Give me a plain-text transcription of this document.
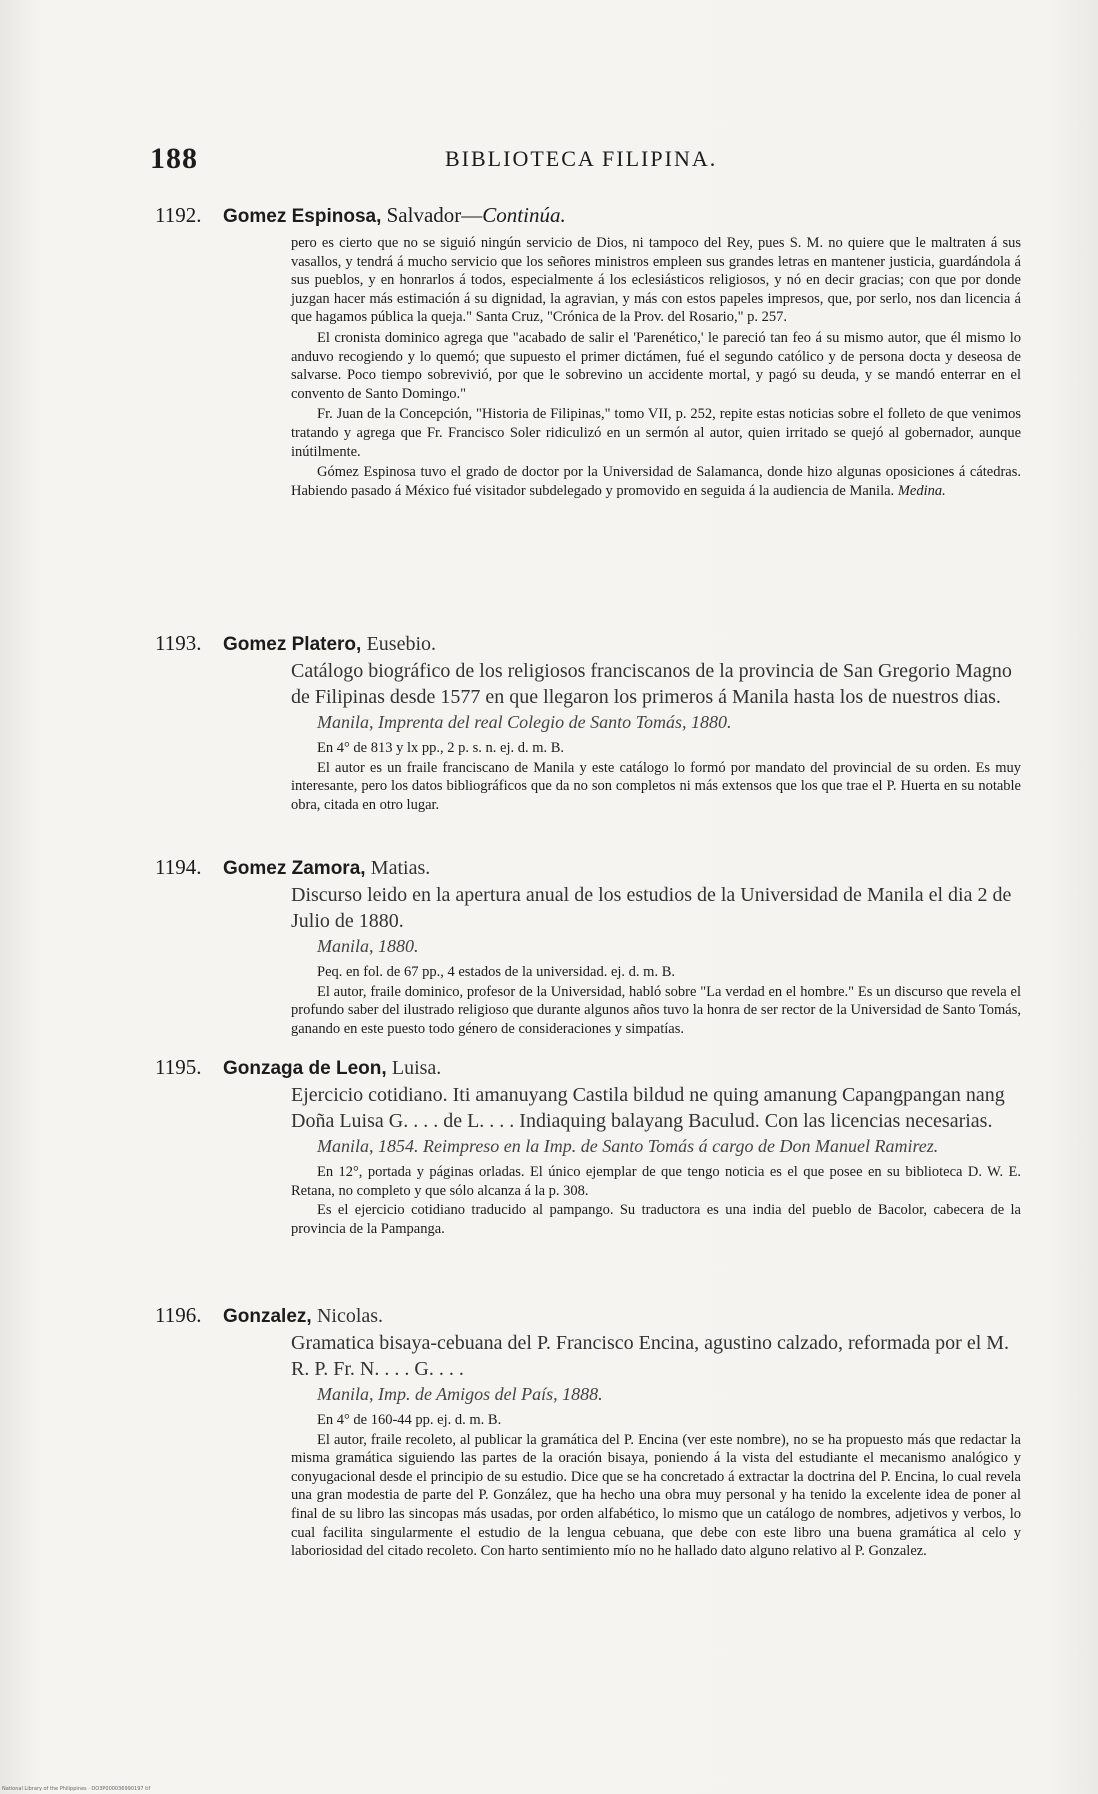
188	BIBLIOTECA FILIPINA.
1192. Gomez Espinosa, Salvador—Continúa.

pero es cierto que no se siguió ningún servicio de Dios, ni tampoco del Rey, pues S. M. no quiere que le maltraten á sus vasallos, y tendrá á mucho servicio que los señores ministros empleen sus grandes letras en mantener justicia, guardándola á sus pueblos, y en honrarlos á todos, especialmente á los eclesiásticos religiosos, y nó en decir gracias; con que por donde juzgan hacer más estimación á su dignidad, la agravian, y más con estos papeles impresos, que, por serlo, nos dan licencia á que hagamos pública la queja." Santa Cruz, "Crónica de la Prov. del Rosario," p. 257.

El cronista dominico agrega que "acabado de salir el 'Parenético,' le pareció tan feo á su mismo autor, que él mismo lo anduvo recogiendo y lo quemó; que supuesto el primer dictámen, fué el segundo católico y de persona docta y deseosa de salvarse. Poco tiempo sobrevivió, por que le sobrevino un accidente mortal, y pagó su deuda, y se mandó enterrar en el convento de Santo Domingo."

Fr. Juan de la Concepción, "Historia de Filipinas," tomo VII, p. 252, repite estas noticias sobre el folleto de que venimos tratando y agrega que Fr. Francisco Soler ridiculizó en un sermón al autor, quien irritado se quejó al gobernador, aunque inútilmente.

Gómez Espinosa tuvo el grado de doctor por la Universidad de Salamanca, donde hizo algunas oposiciones á cátedras. Habiendo pasado á México fué visitador subdelegado y promovido en seguida á la audiencia de Manila. Medina.

1193. Gomez Platero, Eusebio.
Catálogo biográfico de los religiosos franciscanos de la provincia de San Gregorio Magno de Filipinas desde 1577 en que llegaron los primeros á Manila hasta los de nuestros dias.
Manila, Imprenta del real Colegio de Santo Tomás, 1880.
En 4° de 813 y lx pp., 2 p. s. n. ej. d. m. B.

El autor es un fraile franciscano de Manila y este catálogo lo formó por mandato del provincial de su orden. Es muy interesante, pero los datos bibliográficos que da no son completos ni más extensos que los que trae el P. Huerta en su notable obra, citada en otro lugar.

1194. Gomez Zamora, Matias.
Discurso leido en la apertura anual de los estudios de la Universidad de Manila el dia 2 de Julio de 1880.
Manila, 1880.
Peq. en fol. de 67 pp., 4 estados de la universidad. ej. d. m. B.

El autor, fraile dominico, profesor de la Universidad, habló sobre "La verdad en el hombre." Es un discurso que revela el profundo saber del ilustrado religioso que durante algunos años tuvo la honra de ser rector de la Universidad de Santo Tomás, ganando en este puesto todo género de consideraciones y simpatías.

1195. Gonzaga de Leon, Luisa.
Ejercicio cotidiano. Iti amanuyang Castila bildud ne quing amanung Capangpangan nang Doña Luisa G. . . . de L. . . . Indiaquing balayang Baculud. Con las licencias necesarias.
Manila, 1854. Reimpreso en la Imp. de Santo Tomás á cargo de Don Manuel Ramirez.

En 12°, portada y páginas orladas. El único ejemplar de que tengo noticia es el que posee en su biblioteca D. W. E. Retana, no completo y que sólo alcanza á la p. 308.

Es el ejercicio cotidiano traducido al pampango. Su traductora es una india del pueblo de Bacolor, cabecera de la provincia de la Pampanga.

1196. Gonzalez, Nicolas.
Gramatica bisaya-cebuana del P. Francisco Encina, agustino calzado, reformada por el M. R. P. Fr. N. . . . G. . . .
Manila, Imp. de Amigos del País, 1888.
En 4° de 160-44 pp. ej. d. m. B.

El autor, fraile recoleto, al publicar la gramática del P. Encina (ver este nombre), no se ha propuesto más que redactar la misma gramática siguiendo las partes de la oración bisaya, poniendo á la vista del estudiante el mecanismo analógico y conyugacional desde el principio de su estudio. Dice que se ha concretado á extractar la doctrina del P. Encina, lo cual revela una gran modestia de parte del P. González, que ha hecho una obra muy personal y ha tenido la excelente idea de poner al final de su libro las sincopas más usadas, por orden alfabético, lo mismo que un catálogo de nombres, adjetivos y verbos, lo cual facilita singularmente el estudio de la lengua cebuana, que debe con este libro una buena gramática al celo y laboriosidad del citado recoleto. Con harto sentimiento mío no he hallado dato alguno relativo al P. Gonzalez.

National Library of the Philippines · DO3P000036990197 tif
